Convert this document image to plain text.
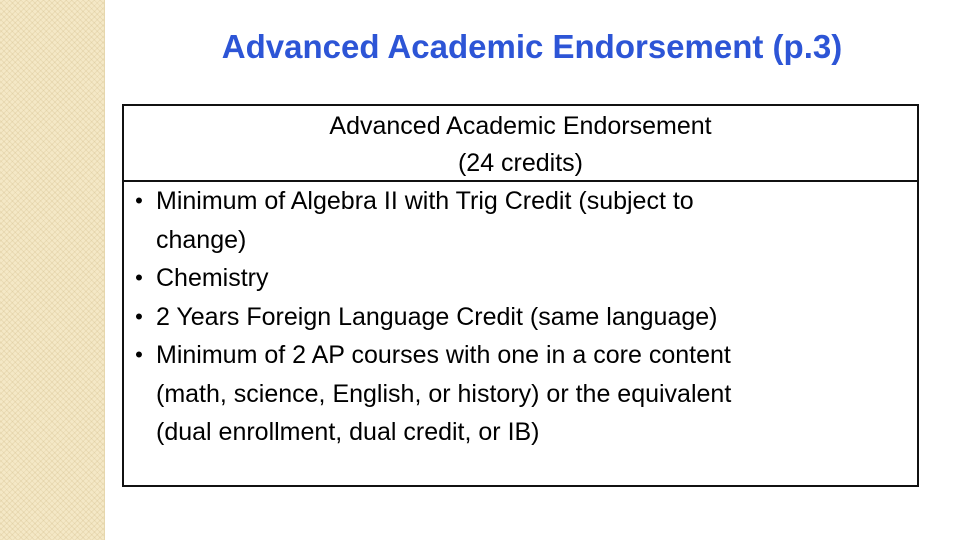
Advanced Academic Endorsement (p.3)
Advanced Academic Endorsement
(24 credits)
• Minimum of Algebra II with Trig Credit (subject to
change)
• Chemistry
• 2 Years Foreign Language Credit (same language)
• Minimum of 2 AP courses with one in a core content
(math, science, English, or history) or the equivalent
(dual enrollment, dual credit, or IB)
